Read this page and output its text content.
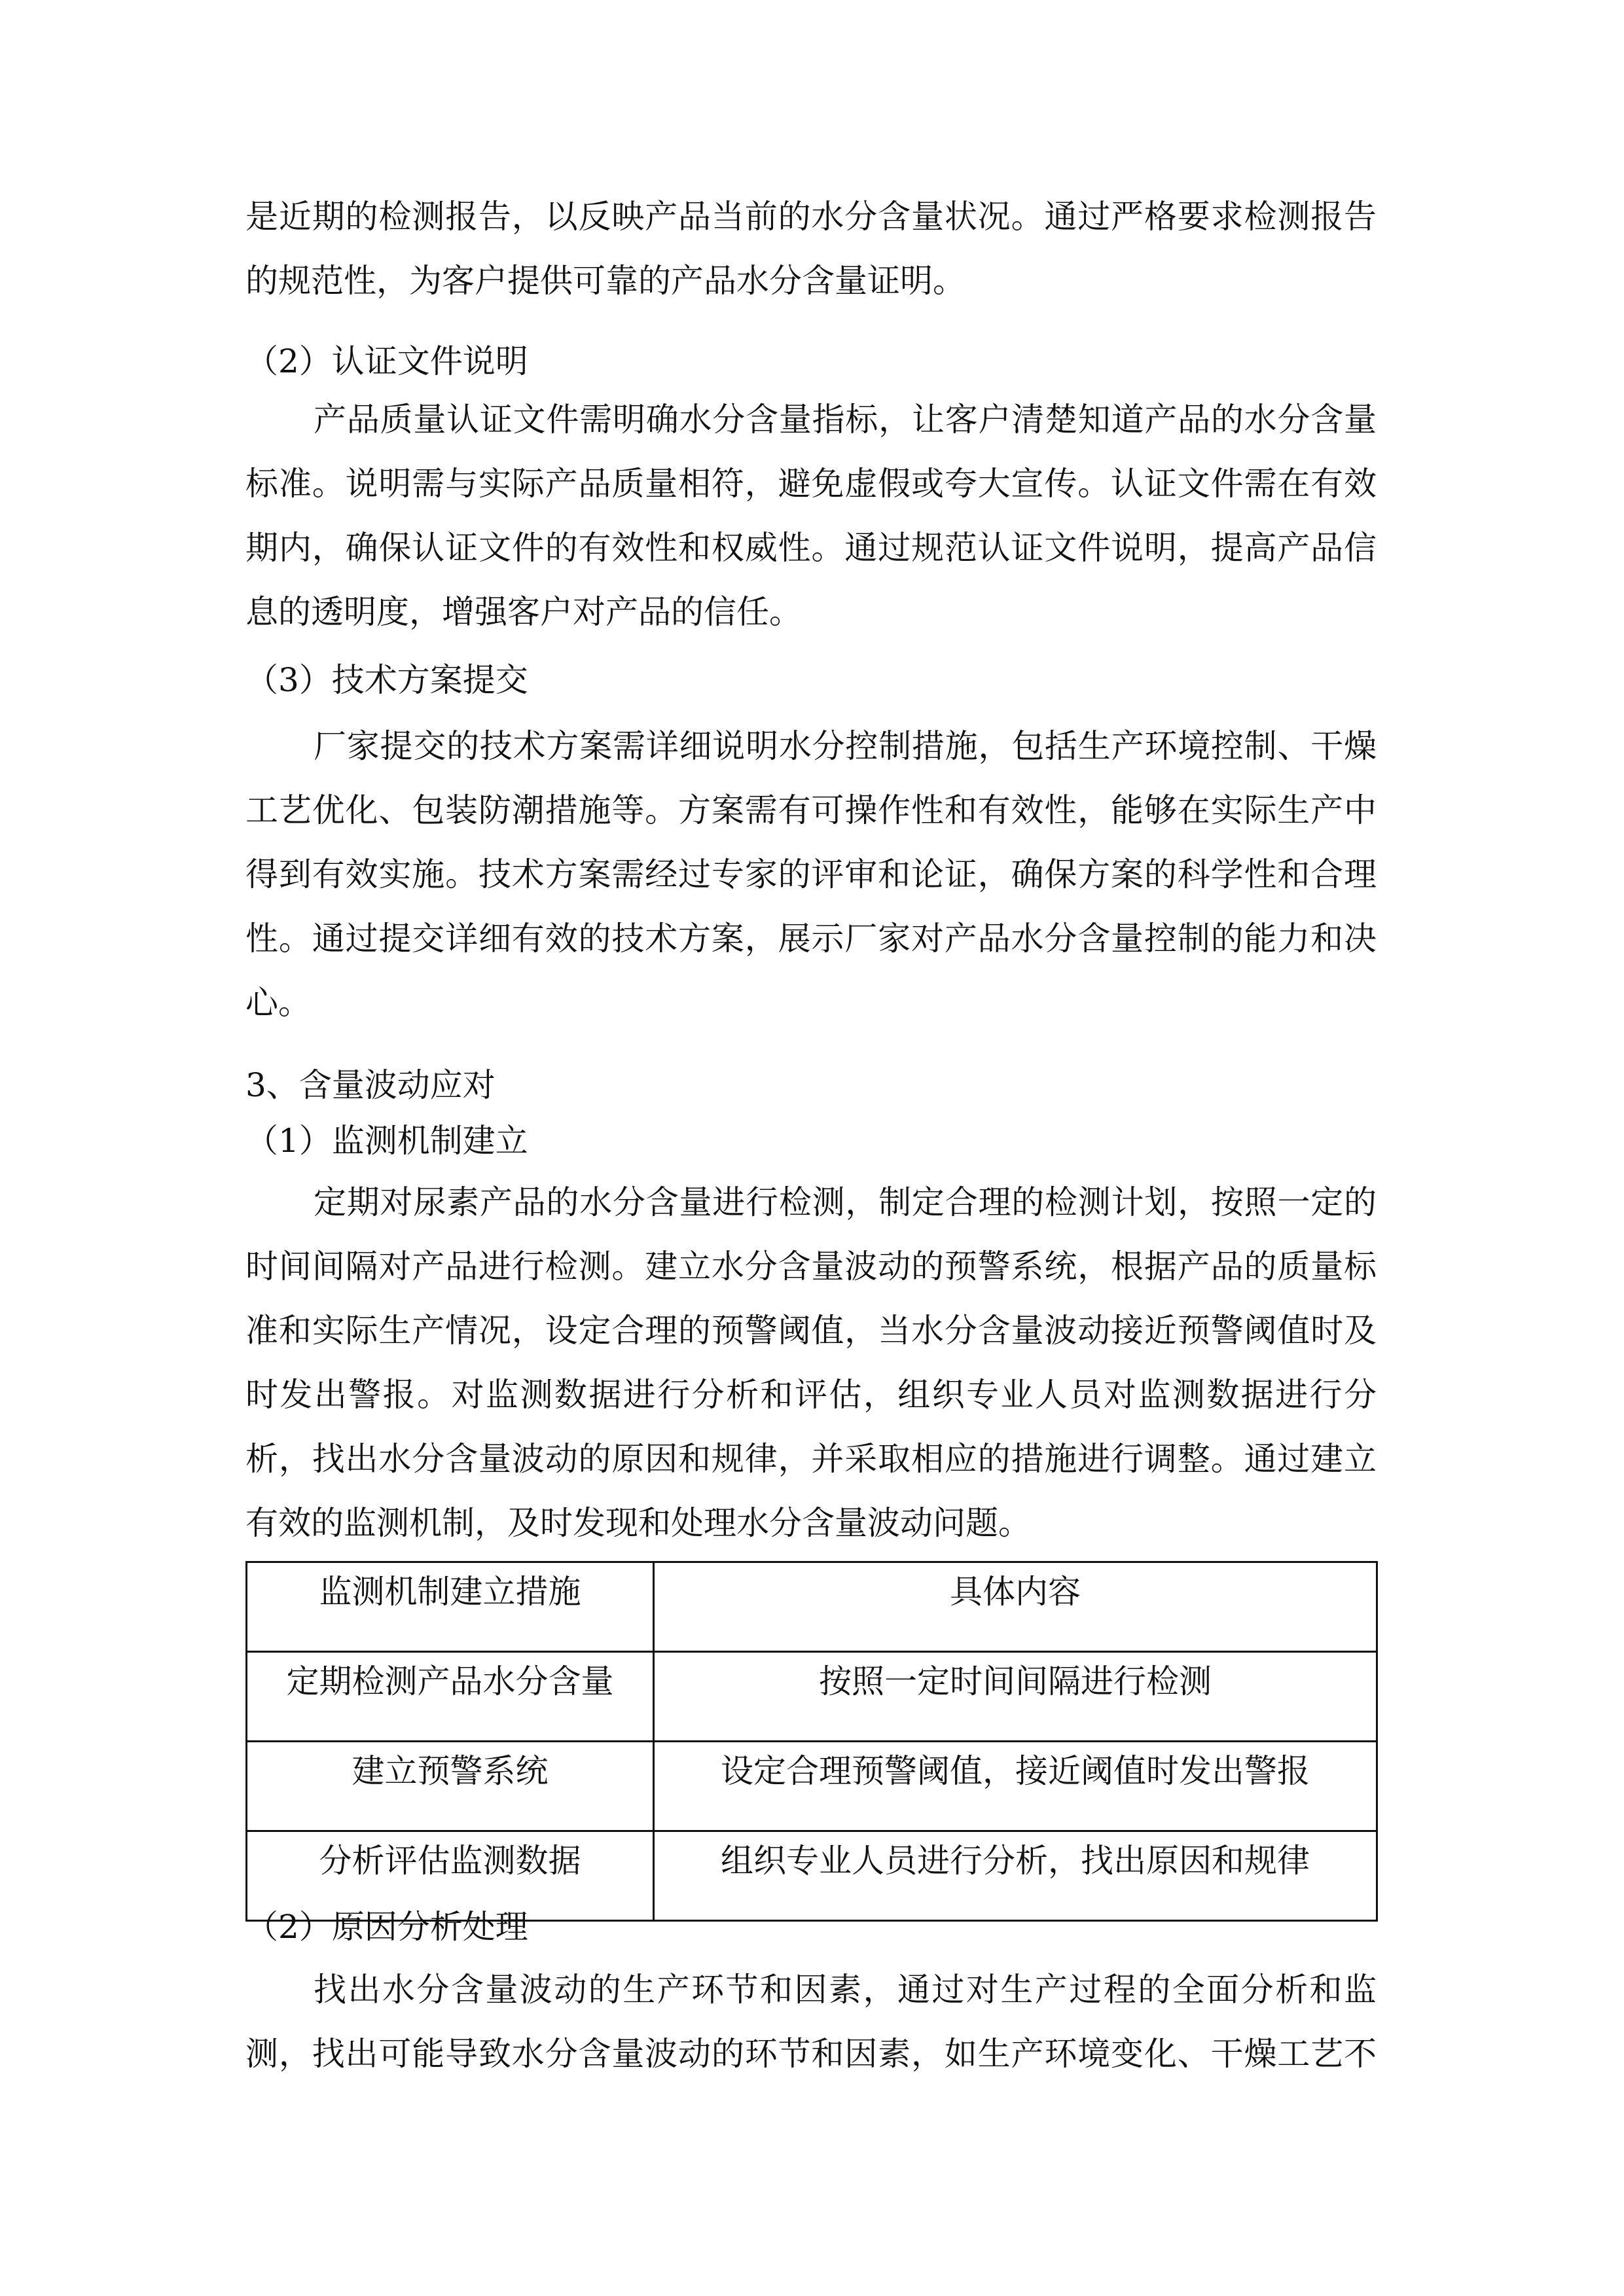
是近期的检测报告，以反映产品当前的水分含量状况。通过严格要求检测报告
的规范性，为客户提供可靠的产品水分含量证明。
（2）认证文件说明
产品质量认证文件需明确水分含量指标，让客户清楚知道产品的水分含量
标准。说明需与实际产品质量相符，避免虚假或夸大宣传。认证文件需在有效
期内，确保认证文件的有效性和权威性。通过规范认证文件说明，提高产品信
息的透明度，增强客户对产品的信任。
（3）技术方案提交
厂家提交的技术方案需详细说明水分控制措施，包括生产环境控制、干燥
工艺优化、包装防潮措施等。方案需有可操作性和有效性，能够在实际生产中
得到有效实施。技术方案需经过专家的评审和论证，确保方案的科学性和合理
性。通过提交详细有效的技术方案，展示厂家对产品水分含量控制的能力和决
心。
3、含量波动应对
（1）监测机制建立
定期对尿素产品的水分含量进行检测，制定合理的检测计划，按照一定的
时间间隔对产品进行检测。建立水分含量波动的预警系统，根据产品的质量标
准和实际生产情况，设定合理的预警阈值，当水分含量波动接近预警阈值时及
时发出警报。对监测数据进行分析和评估，组织专业人员对监测数据进行分
析，找出水分含量波动的原因和规律，并采取相应的措施进行调整。通过建立
有效的监测机制，及时发现和处理水分含量波动问题。
监测机制建立措施	具体内容
定期检测产品水分含量	按照一定时间间隔进行检测
建立预警系统	设定合理预警阈值，接近阈值时发出警报
分析评估监测数据	组织专业人员进行分析，找出原因和规律
（2）原因分析处理
找出水分含量波动的生产环节和因素，通过对生产过程的全面分析和监
测，找出可能导致水分含量波动的环节和因素，如生产环境变化、干燥工艺不
